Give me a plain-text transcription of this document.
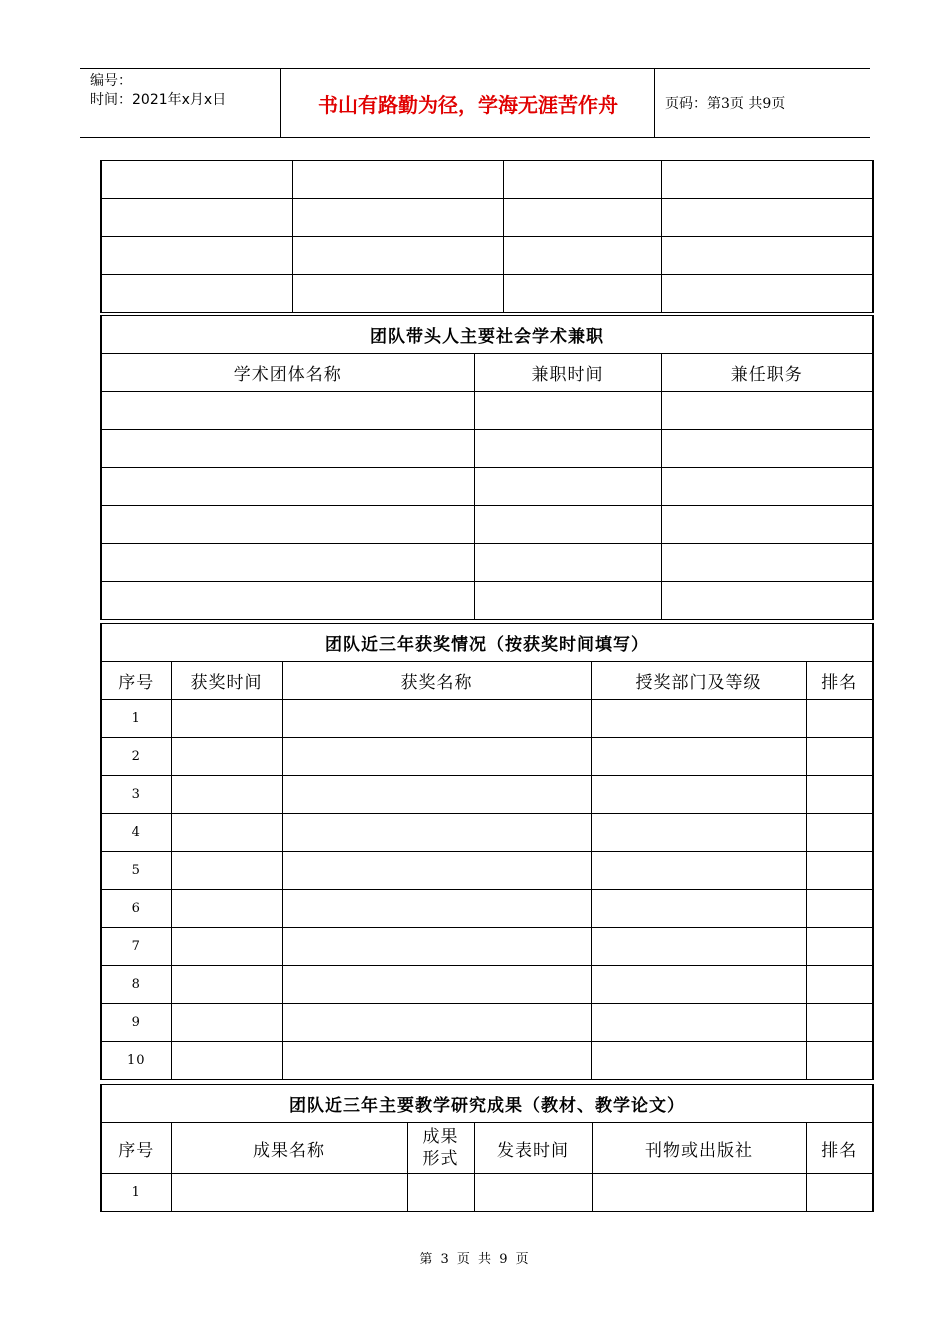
编号：
时间：2021年x月x日	书山有路勤为径，学海无涯苦作舟	页码：第3页 共9页

团队带头人主要社会学术兼职		
学术团体名称	兼职时间	兼任职务

团队近三年获奖情况（按获奖时间填写）				
序号	获奖时间	获奖名称	授奖部门及等级	排名
1				
2				
3				
4				
5				
6				
7				
8				
9				
10				
团队近三年主要教学研究成果（教材、教学论文）					
序号	成果名称	成果形式	发表时间	刊物或出版社	排名
1					
第 3 页 共 9 页
